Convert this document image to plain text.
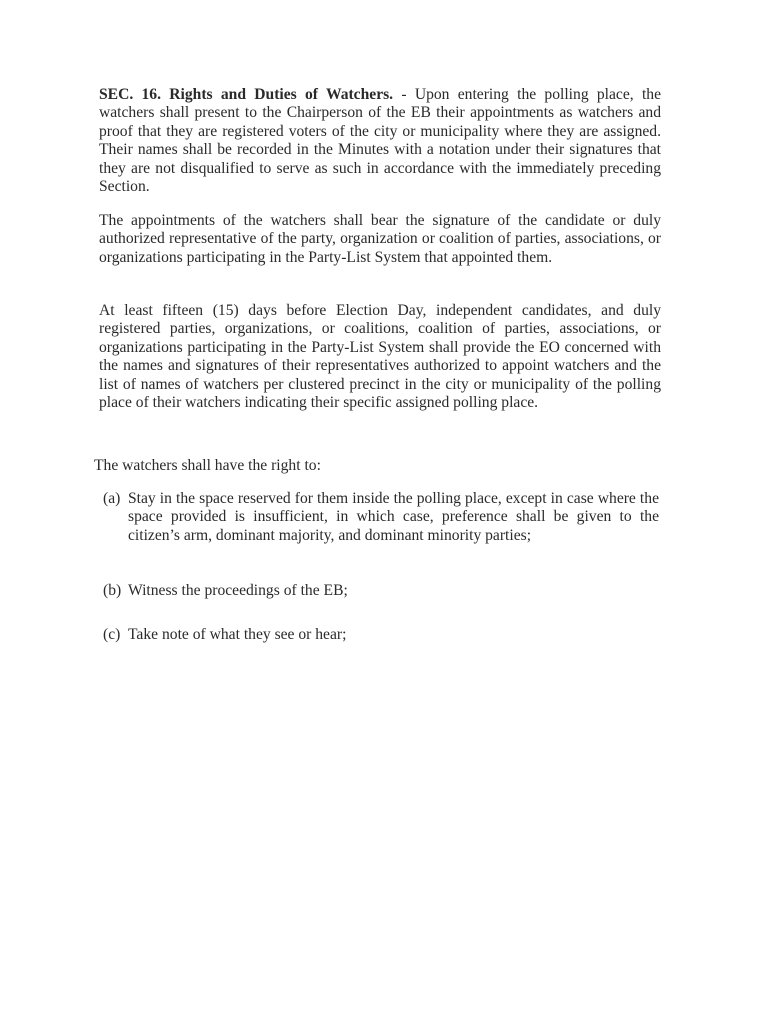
SEC. 16. Rights and Duties of Watchers. - Upon entering the polling place, the watchers shall present to the Chairperson of the EB their appointments as watchers and proof that they are registered voters of the city or municipality where they are assigned. Their names shall be recorded in the Minutes with a notation under their signatures that they are not disqualified to serve as such in accordance with the immediately preceding Section.

The appointments of the watchers shall bear the signature of the candidate or duly authorized representative of the party, organization or coalition of parties, associations, or organizations participating in the Party-List System that appointed them.

At least fifteen (15) days before Election Day, independent candidates, and duly registered parties, organizations, or coalitions, coalition of parties, associations, or organizations participating in the Party-List System shall provide the EO concerned with the names and signatures of their representatives authorized to appoint watchers and the list of names of watchers per clustered precinct in the city or municipality of the polling place of their watchers indicating their specific assigned polling place.

The watchers shall have the right to:

(a) Stay in the space reserved for them inside the polling place, except in case where the space provided is insufficient, in which case, preference shall be given to the citizen’s arm, dominant majority, and dominant minority parties;
(b) Witness the proceedings of the EB;
(c) Take note of what they see or hear;
